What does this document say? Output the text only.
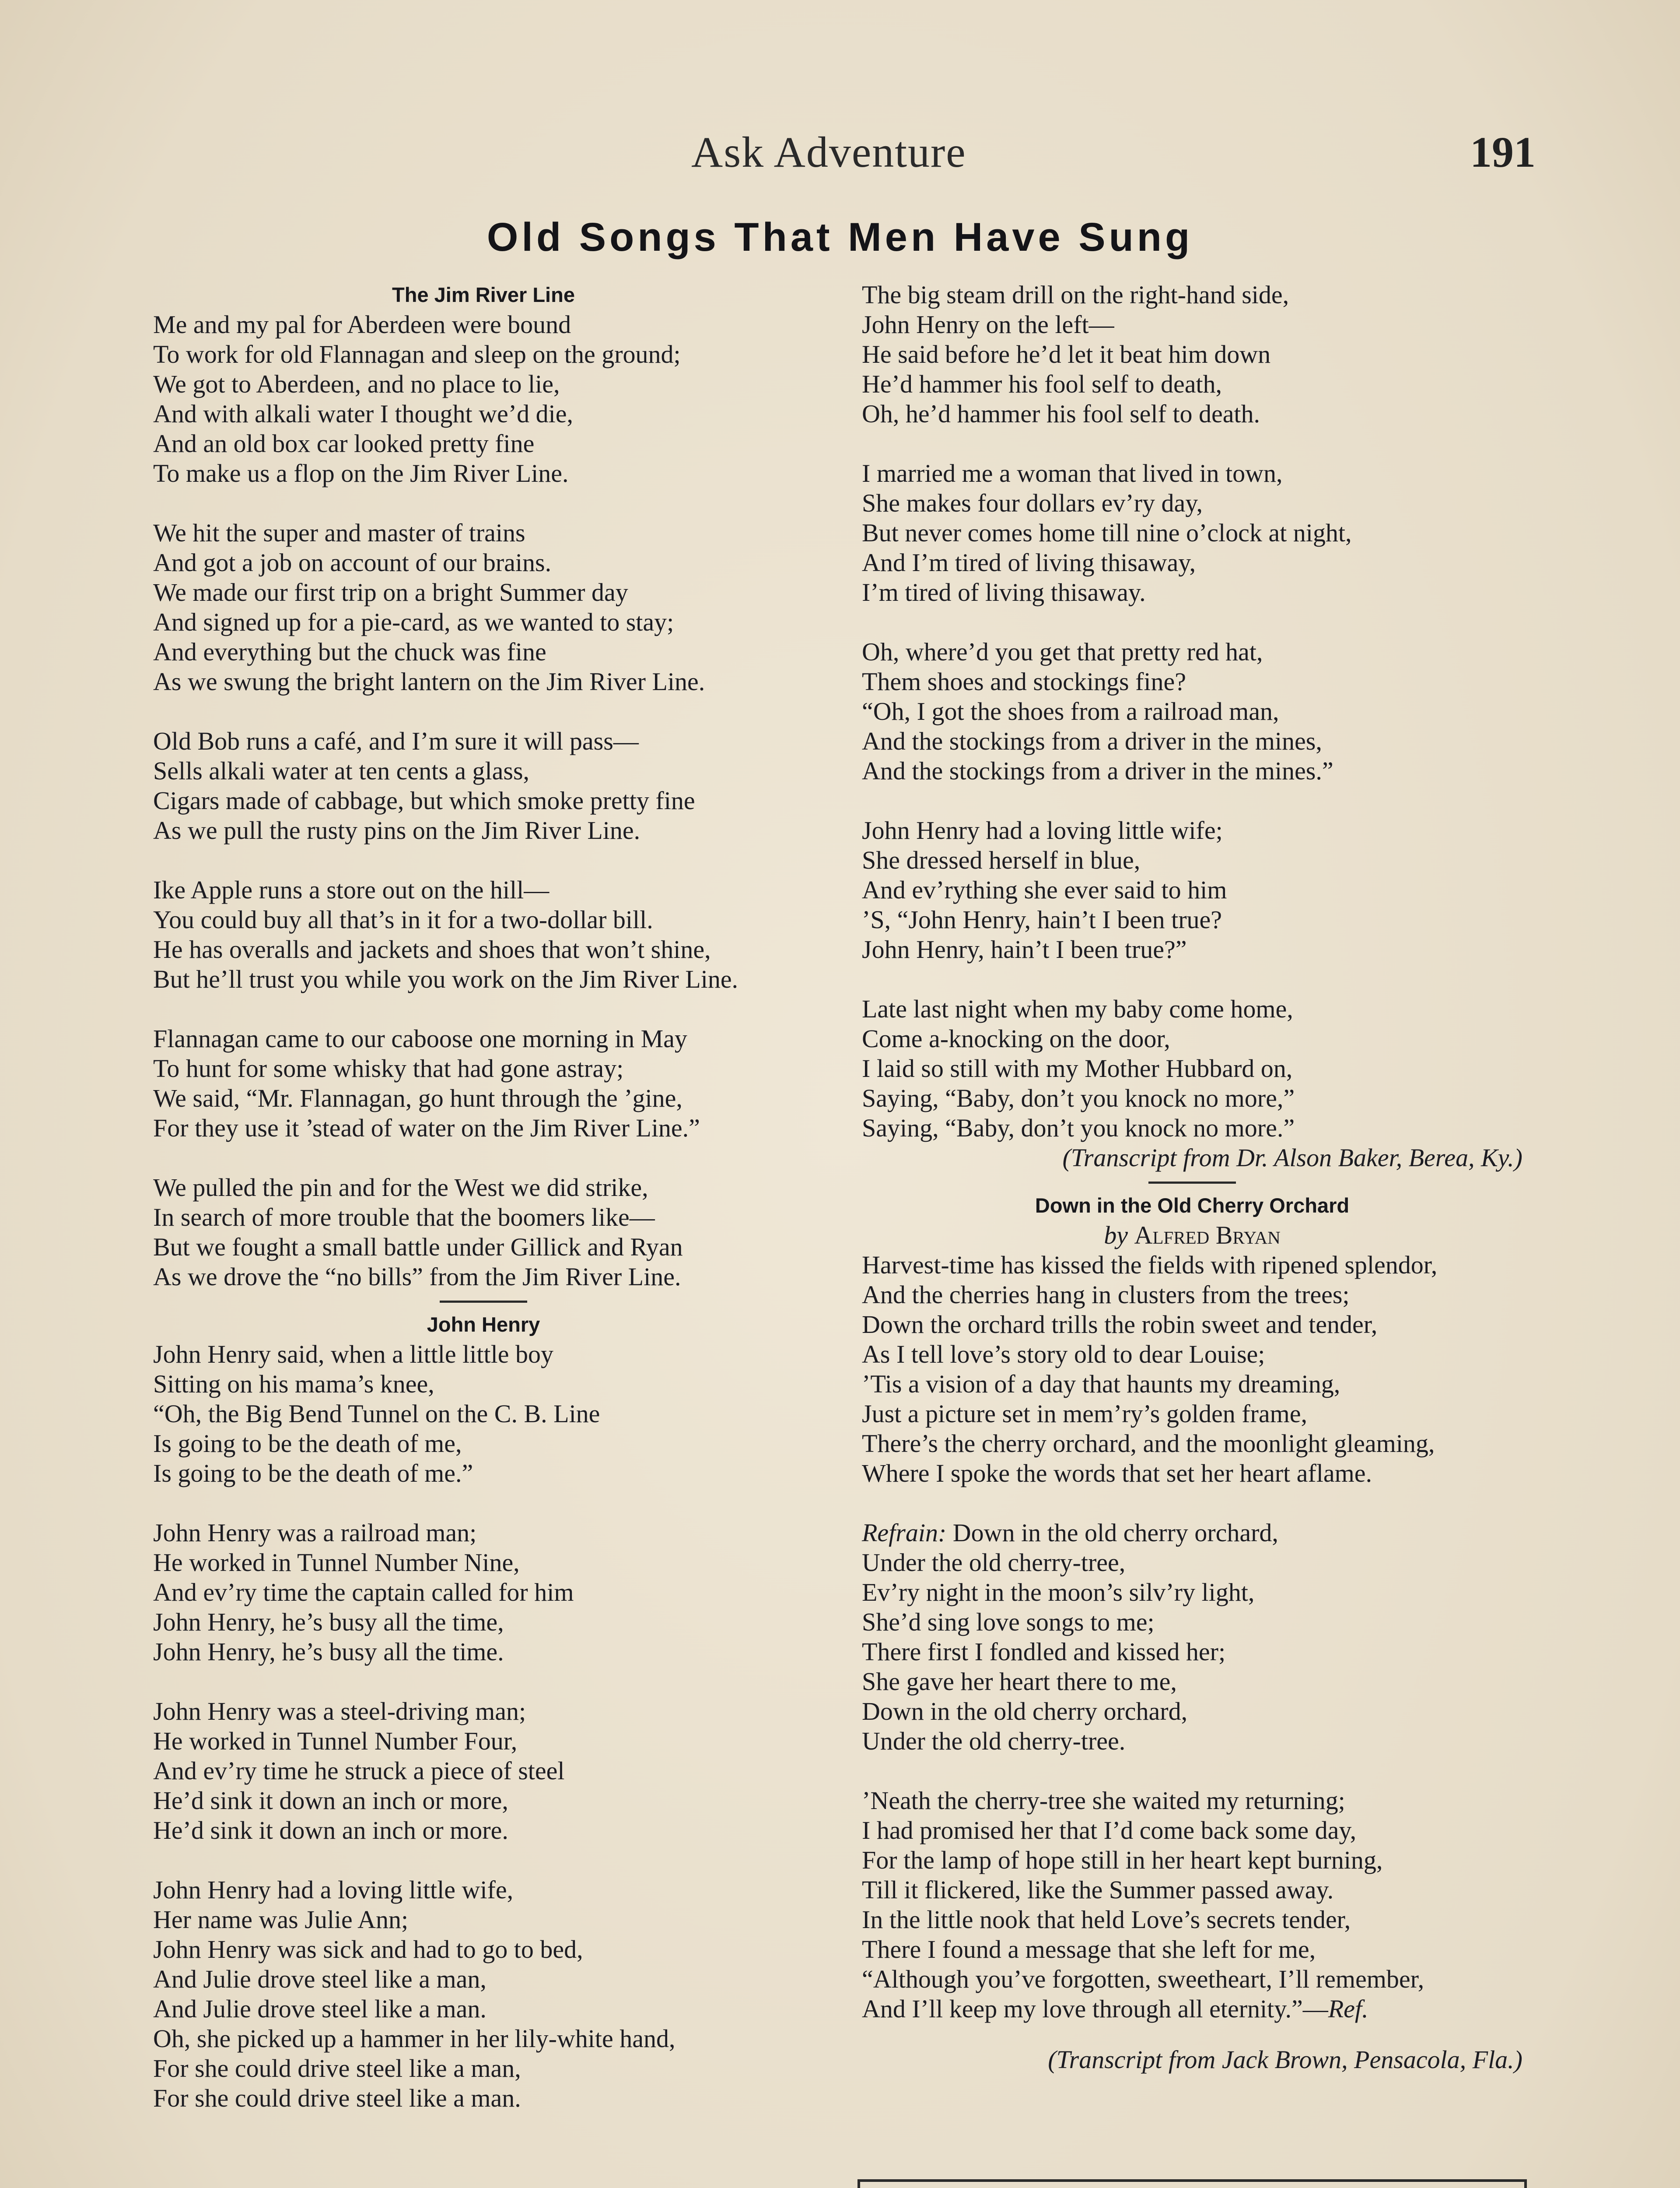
Ask Adventure	191
Old Songs That Men Have Sung
The Jim River Line
Me and my pal for Aberdeen were bound
To work for old Flannagan and sleep on the ground;
We got to Aberdeen, and no place to lie,
And with alkali water I thought we’d die,
And an old box car looked pretty fine
To make us a flop on the Jim River Line.
We hit the super and master of trains
And got a job on account of our brains.
We made our first trip on a bright Summer day
And signed up for a pie-card, as we wanted to stay;
And everything but the chuck was fine
As we swung the bright lantern on the Jim River Line.
Old Bob runs a café, and I’m sure it will pass—
Sells alkali water at ten cents a glass,
Cigars made of cabbage, but which smoke pretty fine
As we pull the rusty pins on the Jim River Line.
Ike Apple runs a store out on the hill—
You could buy all that’s in it for a two-dollar bill.
He has overalls and jackets and shoes that won’t shine,
But he’ll trust you while you work on the Jim River Line.
Flannagan came to our caboose one morning in May
To hunt for some whisky that had gone astray;
We said, “Mr. Flannagan, go hunt through the ’gine,
For they use it ’stead of water on the Jim River Line.”
We pulled the pin and for the West we did strike,
In search of more trouble that the boomers like—
But we fought a small battle under Gillick and Ryan
As we drove the “no bills” from the Jim River Line.
John Henry
John Henry said, when a little little boy
Sitting on his mama’s knee,
“Oh, the Big Bend Tunnel on the C. B. Line
Is going to be the death of me,
Is going to be the death of me.”
John Henry was a railroad man;
He worked in Tunnel Number Nine,
And ev’ry time the captain called for him
John Henry, he’s busy all the time,
John Henry, he’s busy all the time.
John Henry was a steel-driving man;
He worked in Tunnel Number Four,
And ev’ry time he struck a piece of steel
He’d sink it down an inch or more,
He’d sink it down an inch or more.
John Henry had a loving little wife,
Her name was Julie Ann;
John Henry was sick and had to go to bed,
And Julie drove steel like a man,
And Julie drove steel like a man.
Oh, she picked up a hammer in her lily-white hand,
For she could drive steel like a man,
For she could drive steel like a man.
The big steam drill on the right-hand side,
John Henry on the left—
He said before he’d let it beat him down
He’d hammer his fool self to death,
Oh, he’d hammer his fool self to death.
I married me a woman that lived in town,
She makes four dollars ev’ry day,
But never comes home till nine o’clock at night,
And I’m tired of living thisaway,
I’m tired of living thisaway.
Oh, where’d you get that pretty red hat,
Them shoes and stockings fine?
“Oh, I got the shoes from a railroad man,
And the stockings from a driver in the mines,
And the stockings from a driver in the mines.”
John Henry had a loving little wife;
She dressed herself in blue,
And ev’rything she ever said to him
’S, “John Henry, hain’t I been true?
John Henry, hain’t I been true?”
Late last night when my baby come home,
Come a-knocking on the door,
I laid so still with my Mother Hubbard on,
Saying, “Baby, don’t you knock no more,”
Saying, “Baby, don’t you knock no more.”
(Transcript from Dr. Alson Baker, Berea, Ky.)
Down in the Old Cherry Orchard
by Alfred Bryan
Harvest-time has kissed the fields with ripened splendor,
And the cherries hang in clusters from the trees;
Down the orchard trills the robin sweet and tender,
As I tell love’s story old to dear Louise;
’Tis a vision of a day that haunts my dreaming,
Just a picture set in mem’ry’s golden frame,
There’s the cherry orchard, and the moonlight gleaming,
Where I spoke the words that set her heart aflame.
Refrain: Down in the old cherry orchard,
Under the old cherry-tree,
Ev’ry night in the moon’s silv’ry light,
She’d sing love songs to me;
There first I fondled and kissed her;
She gave her heart there to me,
Down in the old cherry orchard,
Under the old cherry-tree.
’Neath the cherry-tree she waited my returning;
I had promised her that I’d come back some day,
For the lamp of hope still in her heart kept burning,
Till it flickered, like the Summer passed away.
In the little nook that held Love’s secrets tender,
There I found a message that she left for me,
“Although you’ve forgotten, sweetheart, I’ll remember,
And I’ll keep my love through all eternity.”—Ref.
(Transcript from Jack Brown, Pensacola, Fla.)
